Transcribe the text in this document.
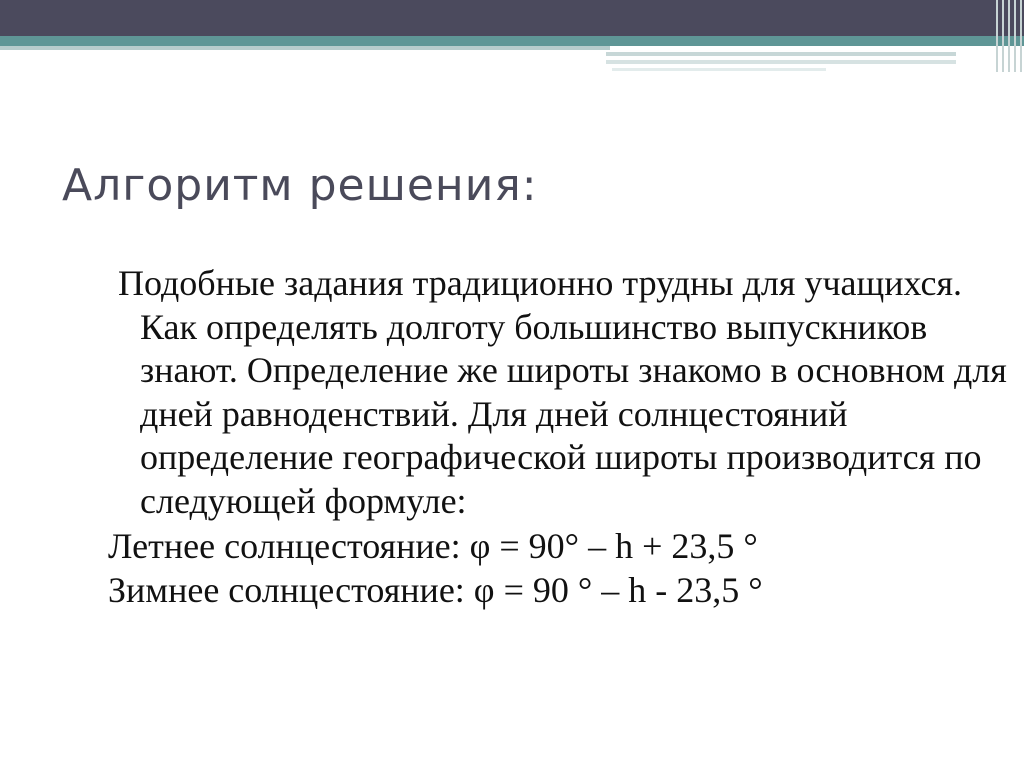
Алгоритм решения:

Подобные задания традиционно трудны для учащихся. Как определять долготу большинство выпускников знают. Определение же широты знакомо в основном для дней равноденствий. Для дней солнцестояний определение географической широты производится по следующей формуле:

Летнее солнцестояние: φ = 90° – h + 23,5 °

Зимнее солнцестояние: φ = 90 ° – h - 23,5 °
